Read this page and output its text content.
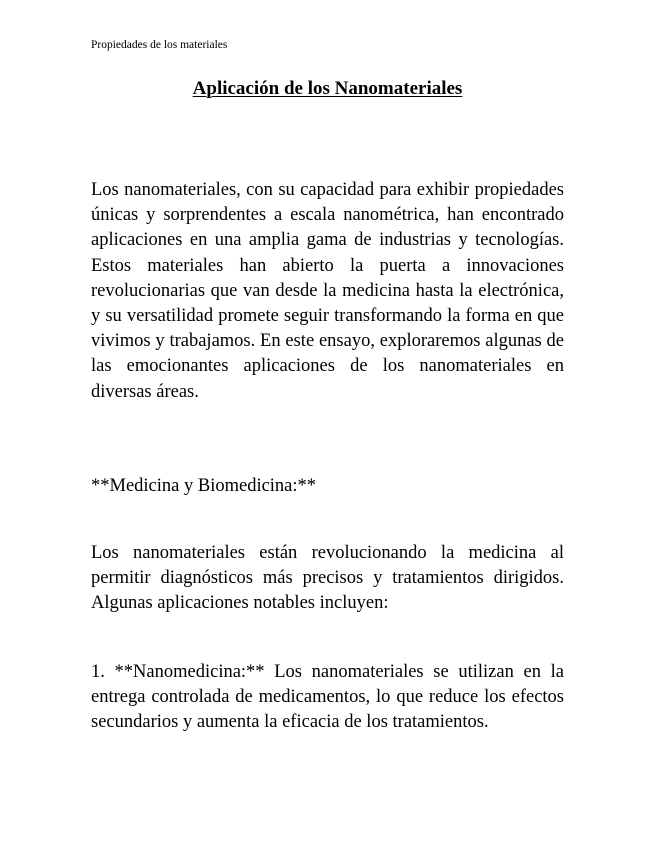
Propiedades de los materiales
Aplicación de los Nanomateriales

Los nanomateriales, con su capacidad para exhibir propiedades únicas y sorprendentes a escala nanométrica, han encontrado aplicaciones en una amplia gama de industrias y tecnologías. Estos materiales han abierto la puerta a innovaciones revolucionarias que van desde la medicina hasta la electrónica, y su versatilidad promete seguir transformando la forma en que vivimos y trabajamos. En este ensayo, exploraremos algunas de las emocionantes aplicaciones de los nanomateriales en diversas áreas.

**Medicina y Biomedicina:**

Los nanomateriales están revolucionando la medicina al permitir diagnósticos más precisos y tratamientos dirigidos. Algunas aplicaciones notables incluyen:

1. **Nanomedicina:** Los nanomateriales se utilizan en la entrega controlada de medicamentos, lo que reduce los efectos secundarios y aumenta la eficacia de los tratamientos.
